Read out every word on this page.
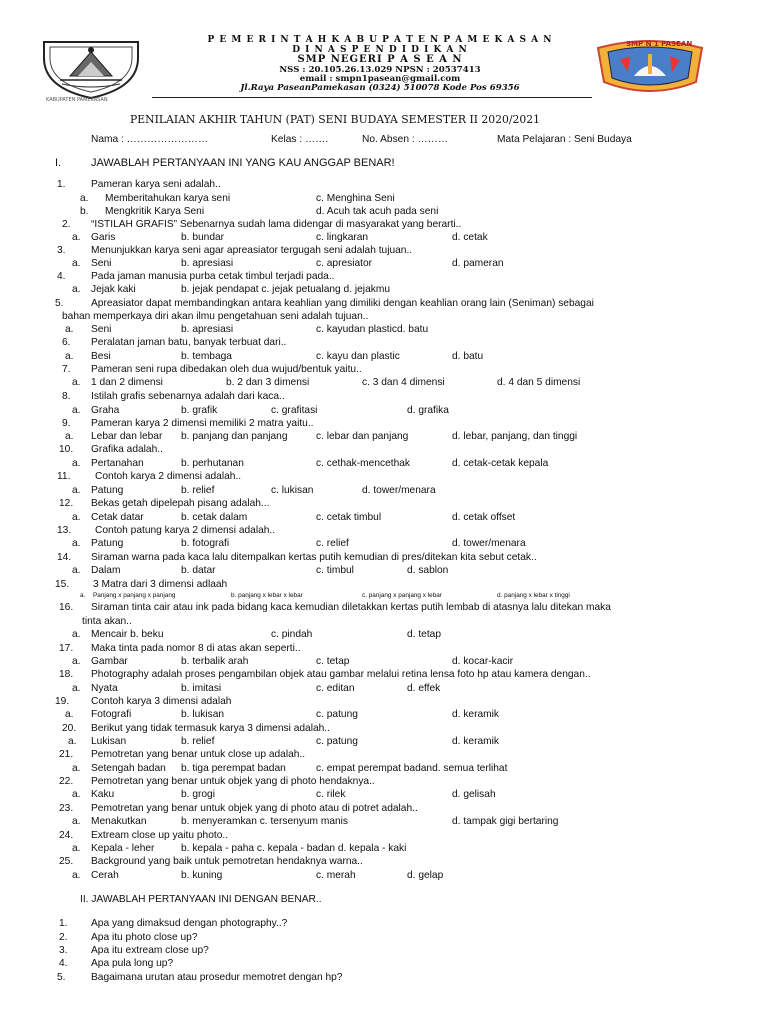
KABUPATEN PAMEKASAN
SMP N 1 PASEAN
P E M E R I N T A H K A B U P A T E N P A M E K A S A N
D I N A S P E N D I D I K A N
SMP NEGERI P A S E A N
NSS : 20.105.26.13.029 NPSN : 20537413
email : smpn1pasean@gmail.com
Jl.Raya PaseanPamekasan (0324) 510078 Kode Pos 69356
PENILAIAN AKHIR TAHUN (PAT) SENI BUDAYA SEMESTER II 2020/2021
Nama : ……………………	Kelas : …….	No. Absen : ………	Mata Pelajaran : Seni Budaya
I.	JAWABLAH PERTANYAAN INI YANG KAU ANGGAP BENAR!
1.	Pameran karya seni adalah..
a. Memberitahukan karya seni	c. Menghina Seni
b. Mengkritik Karya Seni	d. Acuh tak acuh pada seni
2. “ISTILAH GRAFIS” Sebenarnya sudah lama didengar di masyarakat yang berarti..
a. Garis	b. bundar	c. lingkaran	d. cetak
3.	Menunjukkan karya seni agar apreasiator tergugah seni adalah tujuan..
a. Seni	b. apresiasi	c. apresiator	d. pameran
4.	Pada jaman manusia purba cetak timbul terjadi pada..
a. Jejak kaki	b. jejak pendapat c. jejak petualang d. jejakmu
5.	Apreasiator dapat membandingkan antara keahlian yang dimiliki dengan keahlian orang lain (Seniman) sebagai
bahan memperkaya diri akan ilmu pengetahuan seni adalah tujuan..
a. Seni	b. apresiasi	c. kayudan plasticd. batu
6. Peralatan jaman batu, banyak terbuat dari..
a. Besi	b. tembaga	c. kayu dan plastic	d. batu
7. Pameran seni rupa dibedakan oleh dua wujud/bentuk yaitu..
a. 1 dan 2 dimensi	b. 2 dan 3 dimensi	c. 3 dan 4 dimensi	d. 4 dan 5 dimensi
8. Istilah grafis sebenarnya adalah dari kaca..
a. Graha	b. grafik	c. grafitasi	d. grafika
9. Pameran karya 2 dimensi memiliki 2 matra yaitu..
a. Lebar dan lebar b. panjang dan panjang	c. lebar dan panjang	d. lebar, panjang, dan tinggi
10. Grafika adalah..
a. Pertanahan	b. perhutanan	c. cethak-mencethak	d. cetak-cetak kepala
11. Contoh karya 2 dimensi adalah..
a. Patung	b. relief	c. lukisan	d. tower/menara
12. Bekas getah dipelepah pisang adalah...
a. Cetak datar	b. cetak dalam	c. cetak timbul	d. cetak offset
13. Contoh patung karya 2 dimensi adalah..
a. Patung	b. fotografi	c. relief	d. tower/menara
14. Siraman warna pada kaca lalu ditempalkan kertas putih kemudian di pres/ditekan kita sebut cetak..
a. Dalam	b. datar	c. timbul	d. sablon
15. 3 Matra dari 3 dimensi adlaah
a. Panjang x panjang x panjang	b. panjang x lebar x lebar	c. panjang x panjang x lebar	d. panjang x lebar x tinggi
16. Siraman tinta cair atau ink pada bidang kaca kemudian diletakkan kertas putih lembab di atasnya lalu ditekan maka
tinta akan..
a. Mencair b. beku	c. pindah	d. tetap
17. Maka tinta pada nomor 8 di atas akan seperti..
a. Gambar	b. terbalik arah	c. tetap	d. kocar-kacir
18. Photography adalah proses pengambilan objek atau gambar melalui retina lensa foto hp atau kamera dengan..
a. Nyata	b. imitasi	c. editan	d. effek
19. Contoh karya 3 dimensi adalah
a. Fotografi	b. lukisan	c. patung	d. keramik
20. Berikut yang tidak termasuk karya 3 dimensi adalah..
a. Lukisan	b. relief	c. patung	d. keramik
21. Pemotretan yang benar untuk close up adalah..
a. Setengah badan b. tiga perempat badan	c. empat perempat badand. semua terlihat
22. Pemotretan yang benar untuk objek yang di photo hendaknya..
a. Kaku	b. grogi	c. rilek	d. gelisah
23. Pemotretan yang benar untuk objek yang di photo atau di potret adalah..
a. Menakutkan	b. menyeramkan c. tersenyum manis	d. tampak gigi bertaring
24. Extream close up yaitu photo..
a. Kepala - leher	b. kepala - paha c. kepala - badan d. kepala - kaki
25. Background yang baik untuk pemotretan hendaknya warna..
a. Cerah	b. kuning	c. merah	d. gelap
II. JAWABLAH PERTANYAAN INI DENGAN BENAR..
1. Apa yang dimaksud dengan photography..?
2. Apa itu photo close up?
3. Apa itu extream close up?
4. Apa pula long up?
5.	Bagaimana urutan atau prosedur memotret dengan hp?
